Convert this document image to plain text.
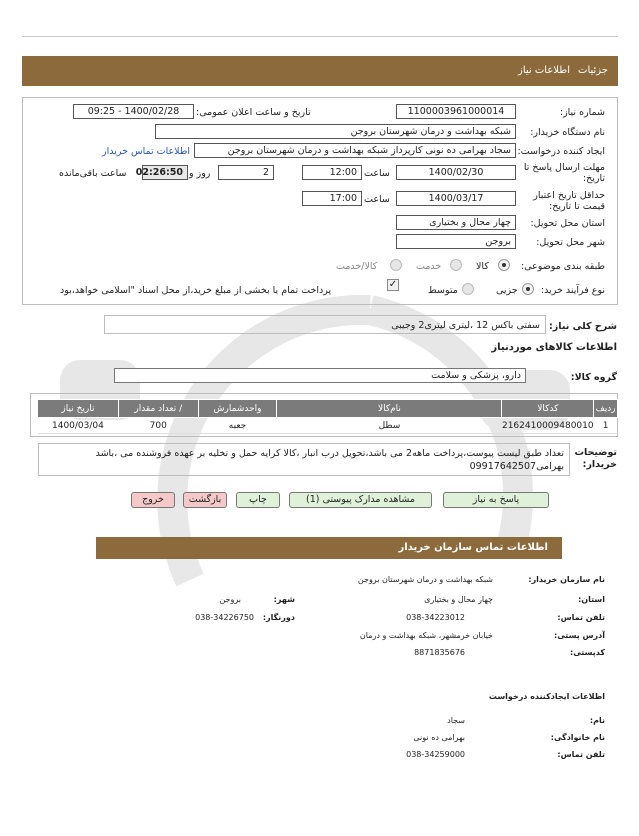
جزئیات
اطلاعات نیاز
شماره نیاز:
1100003961000014
تاریخ و ساعت اعلان عمومی:
1400/02/28 - 09:25
نام دستگاه خریدار:
شبکه بهداشت و درمان شهرستان بروجن
ایجاد کننده درخواست:
سجاد بهرامی ده نونی کارپرداز شبکه بهداشت و درمان شهرستان بروجن
اطلاعات تماس خریدار
مهلت ارسال پاسخ تا تاریخ:
1400/02/30
ساعت
12:00
2
روز و
02:26:50
ساعت باقی‌مانده
حداقل تاریخ اعتبار قیمت تا تاریخ:
1400/03/17
ساعت
17:00
استان محل تحویل:
چهار محال و بختیاری
شهر محل تحویل:
بروجن
طبقه بندی موضوعی:
کالا
خدمت
کالا/خدمت
نوع فرآیند خرید:
جزیی
متوسط
✓
پرداخت تمام یا بخشی از مبلغ خرید،از محل اسناد "اسلامی خواهد،بود
شرح کلی نیاز:
سفتی باکس 12 ،لیتری لیتری2 وجیبی
اطلاعات کالاهای موردنیاز
گروه کالا:
دارو، پزشکی و سلامت
ردیف	کدکالا	نام‌کالا	واحدشمارش	/ تعداد مقدار	تاریخ نیاز
1	2162410009480010	سطل	جعبه	700	1400/03/04
توضیحات خریدار:
تعداد طبق لیست پیوست،پرداخت ماهه2 می باشد،تحویل درب انبار ،کالا کرایه حمل و تخلیه بر عهده فروشنده می ،باشد بهرامی09917642507
پاسخ به نیاز
مشاهده مدارک پیوستی (1)
چاپ
بازگشت
خروج
اطلاعات تماس سازمان خریدار
نام سازمان خریدار:
شبکه بهداشت و درمان شهرستان بروجن
استان:
چهار محال و بختیاری
شهر:
بروجن
تلفن تماس:
038-34223012
دورنگار:
038-34226750
آدرس پستی:
خیابان خرمشهر، شبکه بهداشت و درمان
کدپستی:
8871835676
اطلاعات ایجادکننده درخواست
نام:
سجاد
نام خانوادگی:
بهرامی ده نونی
تلفن تماس:
038-34259000
